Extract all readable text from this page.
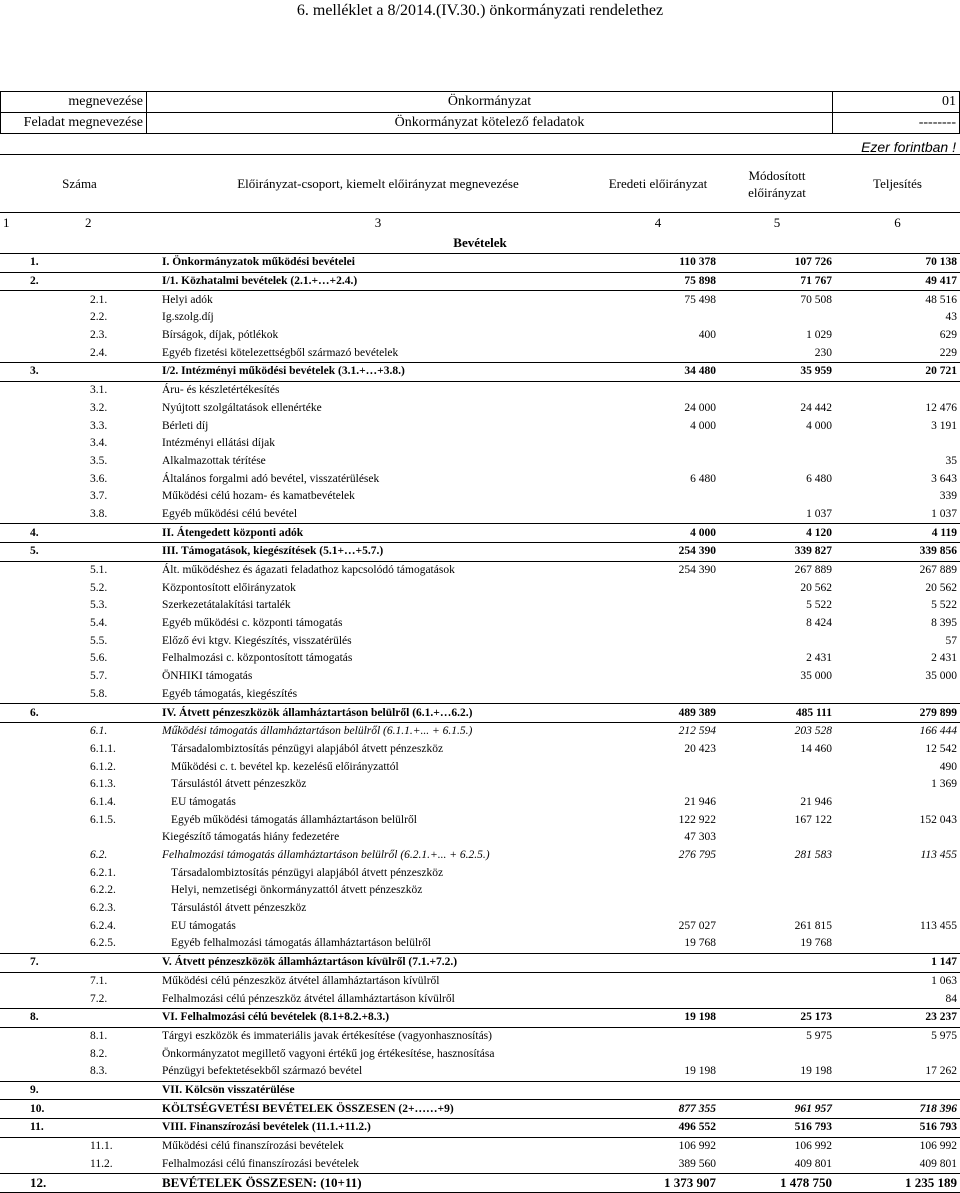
6. melléklet a 8/2014.(IV.30.) önkormányzati rendelethez
megnevezése	Önkormányzat	01
Feladat megnevezése	Önkormányzat kötelező feladatok	--------
Ezer forintban !
Száma		Előirányzat-csoport, kiemelt előirányzat megnevezése	Eredeti előirányzat	Módosított előirányzat	Teljesítés
1	2	3	4	5	6
Bevételek					
1.		I. Önkormányzatok működési bevételei	110 378	107 726	70 138
2.		I/1. Közhatalmi bevételek (2.1.+…+2.4.)	75 898	71 767	49 417
	2.1.	Helyi adók	75 498	70 508	48 516
	2.2.	Ig.szolg.díj			43
	2.3.	Bírságok, díjak, pótlékok	400	1 029	629
	2.4.	Egyéb fizetési kötelezettségből származó bevételek		230	229
3.		I/2. Intézményi működési bevételek (3.1.+…+3.8.)	34 480	35 959	20 721
	3.1.	Áru- és készletértékesítés			
	3.2.	Nyújtott szolgáltatások ellenértéke	24 000	24 442	12 476
	3.3.	Bérleti díj	4 000	4 000	3 191
	3.4.	Intézményi ellátási díjak			
	3.5.	Alkalmazottak térítése			35
	3.6.	Általános forgalmi adó bevétel, visszatérülések	6 480	6 480	3 643
	3.7.	Működési célú hozam- és kamatbevételek			339
	3.8.	Egyéb működési célú bevétel		1 037	1 037
4.		II. Átengedett központi adók	4 000	4 120	4 119
5.		III. Támogatások, kiegészítések (5.1+…+5.7.)	254 390	339 827	339 856
	5.1.	Ált. működéshez és ágazati feladathoz kapcsolódó támogatások	254 390	267 889	267 889
	5.2.	Központosított előirányzatok		20 562	20 562
	5.3.	Szerkezetátalakítási tartalék		5 522	5 522
	5.4.	Egyéb működési c. központi támogatás		8 424	8 395
	5.5.	Előző évi ktgv. Kiegészítés, visszatérülés			57
	5.6.	Felhalmozási c. központosított támogatás		2 431	2 431
	5.7.	ÖNHIKI támogatás		35 000	35 000
	5.8.	Egyéb támogatás, kiegészítés			
6.		IV. Átvett pénzeszközök államháztartáson belülről (6.1.+…6.2.)	489 389	485 111	279 899
	6.1.	Működési támogatás államháztartáson belülről (6.1.1.+... + 6.1.5.)	212 594	203 528	166 444
	6.1.1.	Társadalombiztosítás pénzügyi alapjából átvett pénzeszköz	20 423	14 460	12 542
	6.1.2.	Működési c. t. bevétel kp. kezelésű előirányzattól			490
	6.1.3.	Társulástól átvett pénzeszköz			1 369
	6.1.4.	EU támogatás	21 946	21 946	
	6.1.5.	Egyéb működési támogatás államháztartáson belülről	122 922	167 122	152 043
		Kiegészítő támogatás hiány fedezetére	47 303		
	6.2.	Felhalmozási támogatás államháztartáson belülről (6.2.1.+... + 6.2.5.)	276 795	281 583	113 455
	6.2.1.	Társadalombiztosítás pénzügyi alapjából átvett pénzeszköz			
	6.2.2.	Helyi, nemzetiségi önkormányzattól átvett pénzeszköz			
	6.2.3.	Társulástól átvett pénzeszköz			
	6.2.4.	EU támogatás	257 027	261 815	113 455
	6.2.5.	Egyéb felhalmozási támogatás államháztartáson belülről	19 768	19 768	
7.		V. Átvett pénzeszközök államháztartáson kívülről (7.1.+7.2.)			1 147
	7.1.	Működési célú pénzeszköz átvétel államháztartáson kívülről			1 063
	7.2.	Felhalmozási célú pénzeszköz átvétel államháztartáson kívülről			84
8.		VI. Felhalmozási célú bevételek (8.1+8.2.+8.3.)	19 198	25 173	23 237
	8.1.	Tárgyi eszközök és immateriális javak értékesítése (vagyonhasznosítás)		5 975	5 975
	8.2.	Önkormányzatot megillető vagyoni értékű jog értékesítése, hasznosítása			
	8.3.	Pénzügyi befektetésekből származó bevétel	19 198	19 198	17 262
9.		VII. Kölcsön visszatérülése			
10.		KÖLTSÉGVETÉSI BEVÉTELEK ÖSSZESEN (2+……+9)	877 355	961 957	718 396
11.		VIII. Finanszírozási bevételek (11.1.+11.2.)	496 552	516 793	516 793
	11.1.	Működési célú finanszírozási bevételek	106 992	106 992	106 992
	11.2.	Felhalmozási célú finanszírozási bevételek	389 560	409 801	409 801
12.		BEVÉTELEK ÖSSZESEN: (10+11)	1 373 907	1 478 750	1 235 189
